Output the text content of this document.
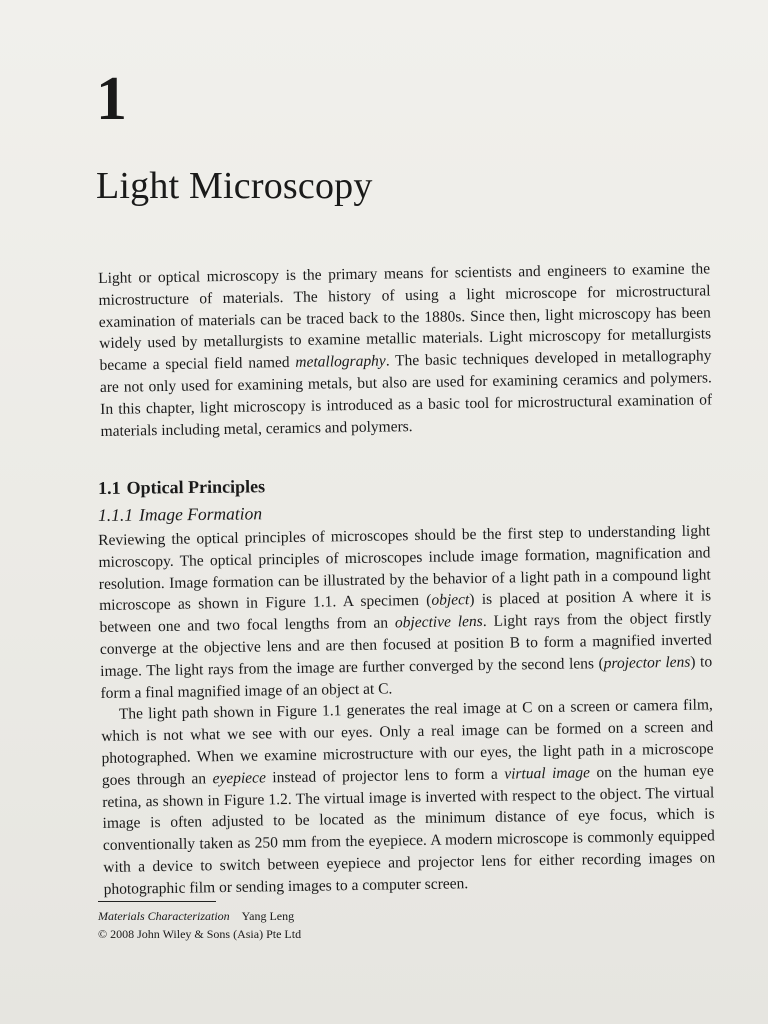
1
Light Microscopy

Light or optical microscopy is the primary means for scientists and engineers to examine the microstructure of materials. The history of using a light microscope for microstructural examination of materials can be traced back to the 1880s. Since then, light microscopy has been widely used by metallurgists to examine metallic materials. Light microscopy for metallurgists became a special field named metallography. The basic techniques developed in metallography are not only used for examining metals, but also are used for examining ceramics and polymers. In this chapter, light microscopy is introduced as a basic tool for microstructural examination of materials including metal, ceramics and polymers.

1.1 Optical Principles
1.1.1 Image Formation

Reviewing the optical principles of microscopes should be the first step to understanding light microscopy. The optical principles of microscopes include image formation, magnification and resolution. Image formation can be illustrated by the behavior of a light path in a compound light microscope as shown in Figure 1.1. A specimen (object) is placed at position A where it is between one and two focal lengths from an objective lens. Light rays from the object firstly converge at the objective lens and are then focused at position B to form a magnified inverted image. The light rays from the image are further converged by the second lens (projector lens) to form a final magnified image of an object at C.

The light path shown in Figure 1.1 generates the real image at C on a screen or camera film, which is not what we see with our eyes. Only a real image can be formed on a screen and photographed. When we examine microstructure with our eyes, the light path in a microscope goes through an eyepiece instead of projector lens to form a virtual image on the human eye retina, as shown in Figure 1.2. The virtual image is inverted with respect to the object. The virtual image is often adjusted to be located as the minimum distance of eye focus, which is conventionally taken as 250 mm from the eyepiece. A modern microscope is commonly equipped with a device to switch between eyepiece and projector lens for either recording images on photographic film or sending images to a computer screen.

Materials Characterization Yang Leng
© 2008 John Wiley & Sons (Asia) Pte Ltd
